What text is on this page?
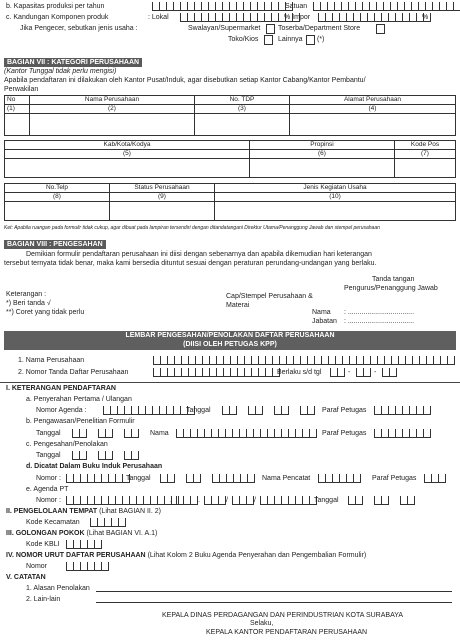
b. Kapasitas produksi per tahun	Satuan
c. Kandungan Komponen produk	: Lokal	% Impor	%
Jika Pengecer, sebutkan jenis usaha :	Swalayan/Supermarket	Toserba/Department Store
Toko/Kios	Lainnya (*)
BAGIAN VII : KATEGORI PERUSAHAAN
(Kantor Tunggal tidak perlu mengisi)
Apabila pendaftaran ini dilakukan oleh Kantor Pusat/Induk, agar disebutkan setiap Kantor Cabang/Kantor Pembantu/
Perwakilan
No	Nama Perusahaan	No. TDP	Alamat Perusahaan
(1)	(2)	(3)	(4)

Kab/Kota/Kodya	Propinsi	Kode Pos
(5)	(6)	(7)

No.Telp	Status Perusahaan	Jenis Kegiatan Usaha
(8)	(9)	(10)

Ket: Apabila ruangan pada formulir tidak cukup, agar dibuat pada lampiran tersendiri dengan ditandatangani Direktur Utama/Penanggung Jawab dan stempel perusahaan
BAGIAN VIII : PENGESAHAN
Demikian formulir pendaftaran perusahaan ini diisi dengan sebenarnya dan apabila dikemudian hari keterangan
tersebut ternyata tidak benar, maka kami bersedia dituntut sesuai dengan peraturan perundang-undangan yang berlaku.
Tanda tangan
Pengurus/Penanggung Jawab
Keterangan :
*) Beri tanda √
**) Coret yang tidak perlu
Cap/Stempel Perusahaan &
Materai
Nama : ..................................
Jabatan : ..................................
LEMBAR PENGESAHAN/PENOLAKAN DAFTAR PERUSAHAAN
(DIISI OLEH PETUGAS KPP)
1. Nama Perusahaan
2. Nomor Tanda Daftar Perusahaan	Berlaku s/d tgl	-	-
I. KETERANGAN PENDAFTARAN
a. Penyerahan Pertama / Ulangan
Nomor Agenda :	Tanggal	Paraf Petugas
b. Pengawasan/Penelitian Formulir
Tanggal	Nama	Paraf Petugas
c. Pengesahan/Penolakan
Tanggal
d. Dicatat Dalam Buku Induk Perusahaan
Nomor :	Tanggal	Nama Pencatat	Paraf Petugas
e. Agenda PT
Nomor :	.	.	/	/	Tanggal
II. PENGELOLAAN TEMPAT (Lihat BAGIAN II. 2)
Kode Kecamatan
III. GOLONGAN POKOK (Lihat BAGIAN VI. A.1)
Kode KBLI
IV. NOMOR URUT DAFTAR PERUSAHAAN (Lihat Kolom 2 Buku Agenda Penyerahan dan Pengembalian Formulir)
Nomor
V. CATATAN
1. Alasan Penolakan
2. Lain-lain
KEPALA DINAS PERDAGANGAN DAN PERINDUSTRIAN KOTA SURABAYA
Selaku,
KEPALA KANTOR PENDAFTARAN PERUSAHAAN
